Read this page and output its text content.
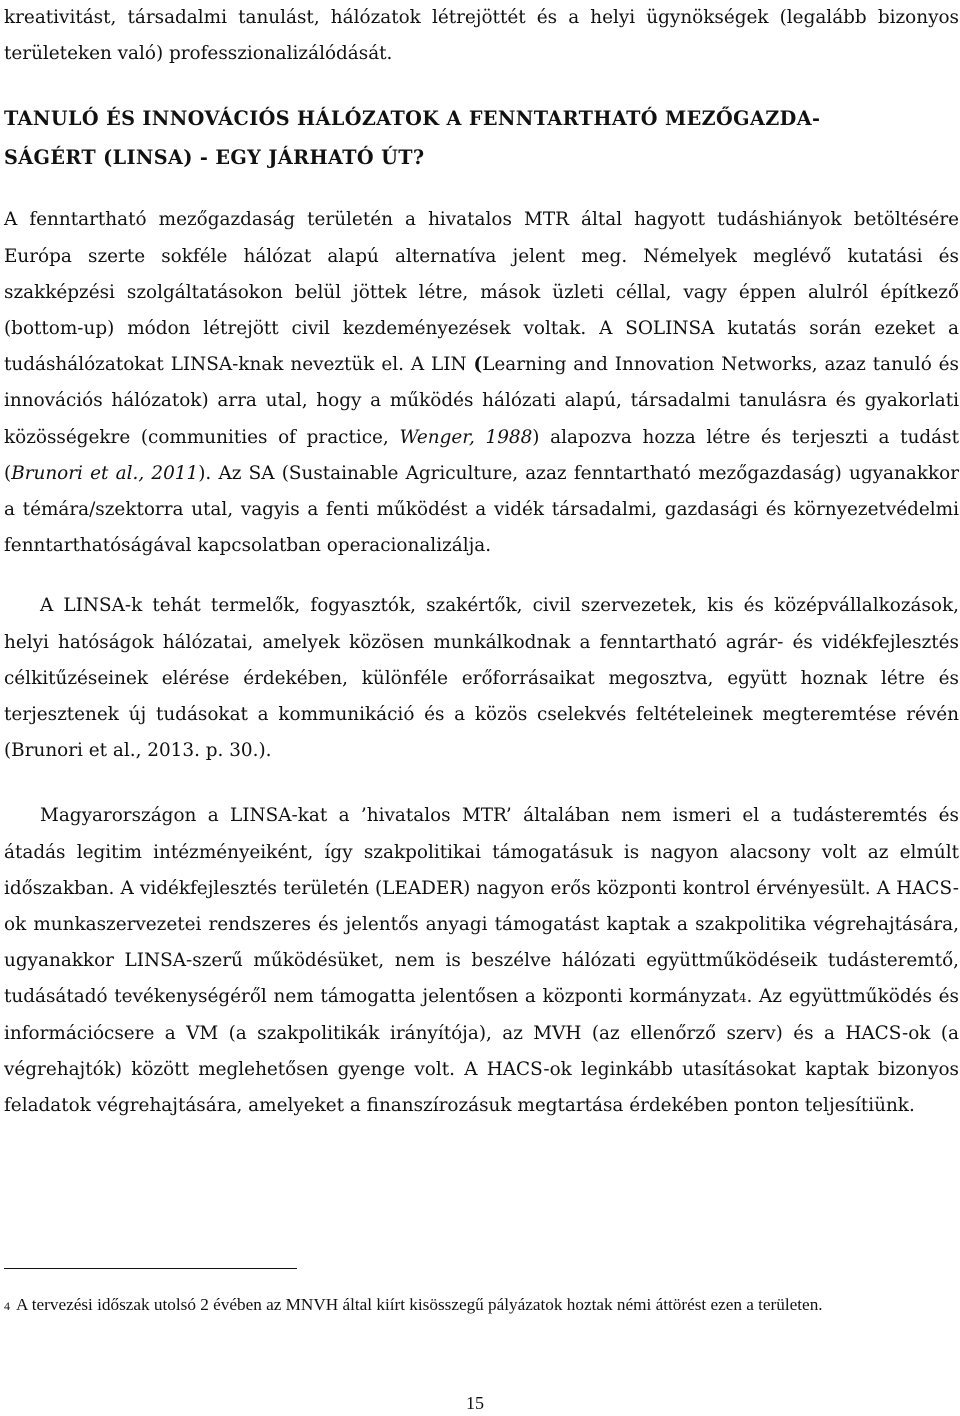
kreativitást, társadalmi tanulást, hálózatok létrejöttét és a helyi ügynökségek (legalább bizonyos területeken való) professzionalizálódását.

TANULÓ ÉS INNOVÁCIÓS HÁLÓZATOK A FENNTARTHATÓ MEZŐGAZDA-
SÁGÉRT (LINSA) - EGY JÁRHATÓ ÚT?

A fenntartható mezőgazdaság területén a hivatalos MTR által hagyott tudáshiányok betöltésére Európa szerte sokféle hálózat alapú alternatíva jelent meg. Némelyek meglévő kutatási és szakképzési szolgáltatásokon belül jöttek létre, mások üzleti céllal, vagy éppen alulról építkező (bottom-up) módon létrejött civil kezdeményezések voltak. A SOLINSA kutatás során ezeket a tudáshálózatokat LINSA-knak neveztük el. A LIN (Learning and Innovation Networks, azaz tanuló és innovációs hálózatok) arra utal, hogy a működés hálózati alapú, társadalmi tanulásra és gyakorlati közösségekre (communities of practice, Wenger, 1988) alapozva hozza létre és terjeszti a tudást (Brunori et al., 2011). Az SA (Sustainable Agriculture, azaz fenntartható mezőgazdaság) ugyanakkor a témára/szektorra utal, vagyis a fenti működést a vidék társadalmi, gazdasági és környezetvédelmi fenntarthatóságával kapcsolatban operacionalizálja.

A LINSA-k tehát termelők, fogyasztók, szakértők, civil szervezetek, kis és középvállalkozások, helyi hatóságok hálózatai, amelyek közösen munkálkodnak a fenntartható agrár- és vidékfejlesztés célkitűzéseinek elérése érdekében, különféle erőforrásaikat megosztva, együtt hoznak létre és terjesztenek új tudásokat a kommunikáció és a közös cselekvés feltételeinek megteremtése révén (Brunori et al., 2013. p. 30.).

Magyarországon a LINSA-kat a ’hivatalos MTR’ általában nem ismeri el a tudásteremtés és átadás legitim intézményeiként, így szakpolitikai támogatásuk is nagyon alacsony volt az elmúlt időszakban. A vidékfejlesztés területén (LEADER) nagyon erős központi kontrol érvényesült. A HACS-ok munkaszervezetei rendszeres és jelentős anyagi támogatást kaptak a szakpolitika végrehajtására, ugyanakkor LINSA-szerű működésüket, nem is beszélve hálózati együttműködéseik tudásteremtő, tudásátadó tevékenységéről nem támogatta jelentősen a központi kormányzat4. Az együttműködés és információcsere a VM (a szakpolitikák irányítója), az MVH (az ellenőrző szerv) és a HACS-ok (a végrehajtók) között meglehetősen gyenge volt. A HACS-ok leginkább utasításokat kaptak bizonyos feladatok végrehajtására, amelyeket a finanszírozásuk megtartása érdekében ponton teljesítiünk.

4 A tervezési időszak utolsó 2 évében az MNVH által kiírt kisösszegű pályázatok hoztak némi áttörést ezen a területen.

15
